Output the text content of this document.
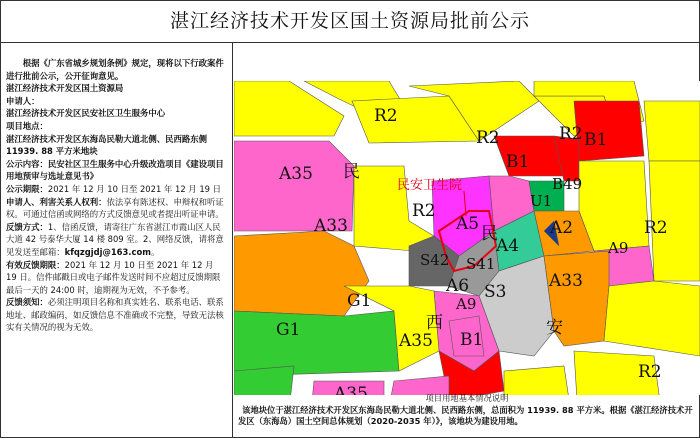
湛江经济技术开发区国土资源局批前公示

根据《广东省城乡规划条例》规定，现将以下行政案件进行批前公示，公开征询意见。

湛江经济技术开发区国土资源局

申请人：

湛江经济技术开发区民安社区卫生服务中心

项目地点：

湛江经济技术开发区东海岛民勒大道北侧、民西路东侧 11939. 88 平方米地块

公示内容：民安社区卫生服务中心升级改造项目《建设项目用地预审与选址意见书》

公示期限：2021 年 12 月 10 日至 2021 年 12 月 19 日

申请人、利害关系人权利：依法享有陈述权、申辩权和听证权。可通过信函或网络的方式反馈意见或者提出听证申请。

反馈方式：1、信函反馈，请寄往广东省湛江市霞山区人民大道 42 号泰华大厦 14 楼 809 室。2、网络反馈，请将意见发送至邮箱：kfqzgjdj@163.com。

有效反馈期限：2021 年 12 月 10 日至 2021 年 12 月 19 日。信件邮戳日或电子邮件发送时间不应超过反馈期限最后一天的 24:00 时，逾期视为无效，不予参考。

反馈须知：必须注明项目名称和真实姓名、联系电话、联系地址、邮政编码，如反馈信息不准确或不完整，导致无法核实有关情况的视为无效。

民安卫生院
R2
R2	R2
R2
R2
R2
B1
B1
B1
B49
U1
A2
A5
A4	A9
A9
A6
A33
A33
A35
A35
A35
S42 S41
S3
G1
G1
民
民
西	安

项目用地基本情况说明

该地块位于湛江经济技术开发区东海岛民勒大道北侧、民西路东侧，总面积为 11939. 88 平方米。根据《湛江经济技术开发区（东海岛）国土空间总体规划（2020-2035 年）》，该地块为建设用地。
